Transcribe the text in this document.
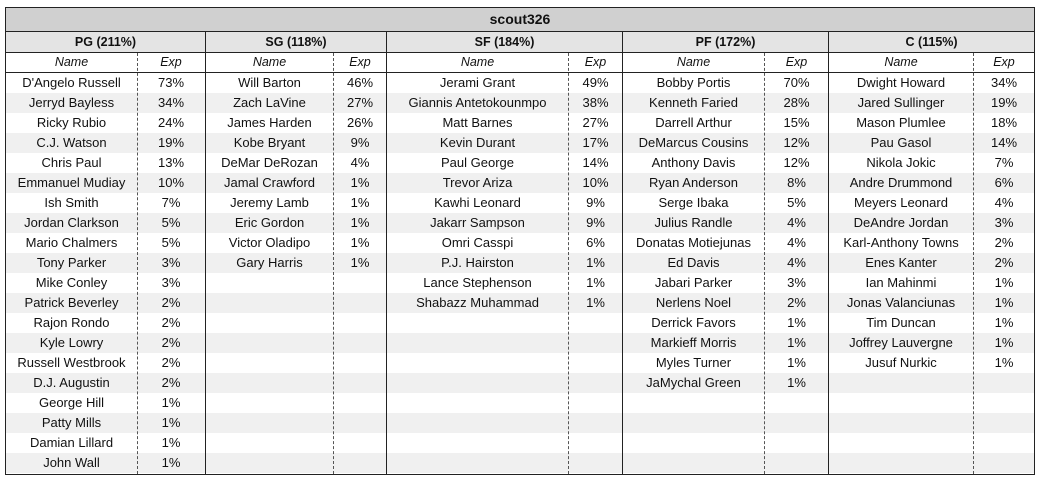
scout326
PG (211%)
Name	Exp
D'Angelo Russell	73%
Jerryd Bayless	34%
Ricky Rubio	24%
C.J. Watson	19%
Chris Paul	13%
Emmanuel Mudiay	10%
Ish Smith	7%
Jordan Clarkson	5%
Mario Chalmers	5%
Tony Parker	3%
Mike Conley	3%
Patrick Beverley	2%
Rajon Rondo	2%
Kyle Lowry	2%
Russell Westbrook	2%
D.J. Augustin	2%
George Hill	1%
Patty Mills	1%
Damian Lillard	1%
John Wall	1%
SG (118%)
Name	Exp
Will Barton	46%
Zach LaVine	27%
James Harden	26%
Kobe Bryant	9%
DeMar DeRozan	4%
Jamal Crawford	1%
Jeremy Lamb	1%
Eric Gordon	1%
Victor Oladipo	1%
Gary Harris	1%
SF (184%)
Name	Exp
Jerami Grant	49%
Giannis Antetokounmpo	38%
Matt Barnes	27%
Kevin Durant	17%
Paul George	14%
Trevor Ariza	10%
Kawhi Leonard	9%
Jakarr Sampson	9%
Omri Casspi	6%
P.J. Hairston	1%
Lance Stephenson	1%
Shabazz Muhammad	1%
PF (172%)
Name	Exp
Bobby Portis	70%
Kenneth Faried	28%
Darrell Arthur	15%
DeMarcus Cousins	12%
Anthony Davis	12%
Ryan Anderson	8%
Serge Ibaka	5%
Julius Randle	4%
Donatas Motiejunas	4%
Ed Davis	4%
Jabari Parker	3%
Nerlens Noel	2%
Derrick Favors	1%
Markieff Morris	1%
Myles Turner	1%
JaMychal Green	1%
C (115%)
Name	Exp
Dwight Howard	34%
Jared Sullinger	19%
Mason Plumlee	18%
Pau Gasol	14%
Nikola Jokic	7%
Andre Drummond	6%
Meyers Leonard	4%
DeAndre Jordan	3%
Karl-Anthony Towns	2%
Enes Kanter	2%
Ian Mahinmi	1%
Jonas Valanciunas	1%
Tim Duncan	1%
Joffrey Lauvergne	1%
Jusuf Nurkic	1%
